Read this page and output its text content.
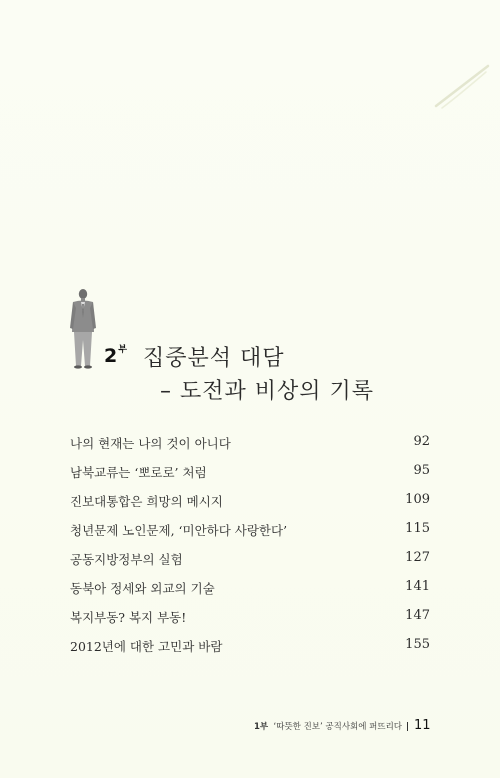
$2^부$ 집중분석 대담
– 도전과 비상의 기록
나의 현재는 나의 것이 아니다	92
남북교류는 ‘뽀로로’ 처럼	95
진보대통합은 희망의 메시지	109
청년문제 노인문제, ‘미안하다 사랑한다’	115
공동지방정부의 실험	127
동북아 정세와 외교의 기술	141
복지부동? 복지 부동!	147
2012년에 대한 고민과 바람	155
1부 ‘따뜻한 진보’ 공직사회에 퍼뜨리다 11
